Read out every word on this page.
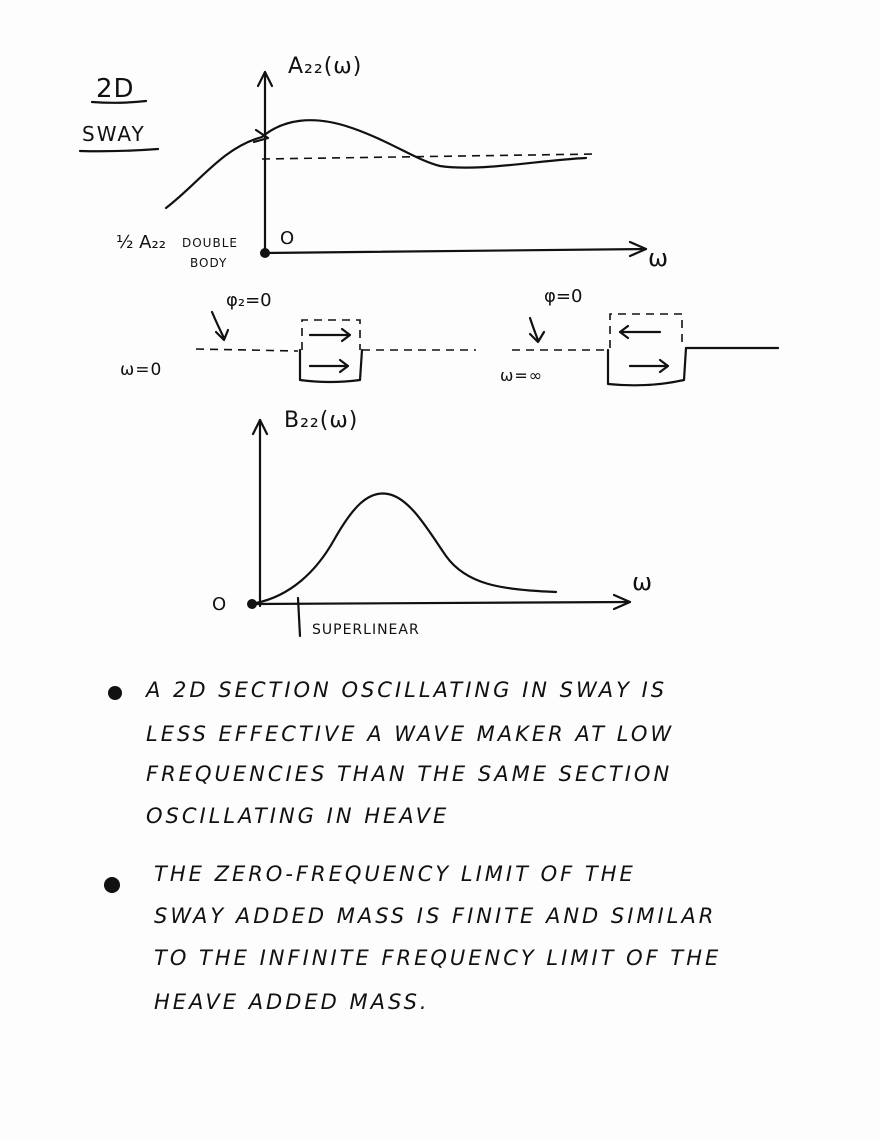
2D
SWAY
A₂₂(ω)
ω
O
½ A₂₂ DOUBLE
BODY
φ₂=0
ω=0
φ=0
ω=∞
B₂₂(ω)
ω
O
SUPERLINEAR
A 2D SECTION OSCILLATING IN SWAY IS
LESS EFFECTIVE A WAVE MAKER AT LOW
FREQUENCIES THAN THE SAME SECTION
OSCILLATING IN HEAVE
THE ZERO-FREQUENCY LIMIT OF THE
SWAY ADDED MASS IS FINITE AND SIMILAR
TO THE INFINITE FREQUENCY LIMIT OF THE
HEAVE ADDED MASS.
